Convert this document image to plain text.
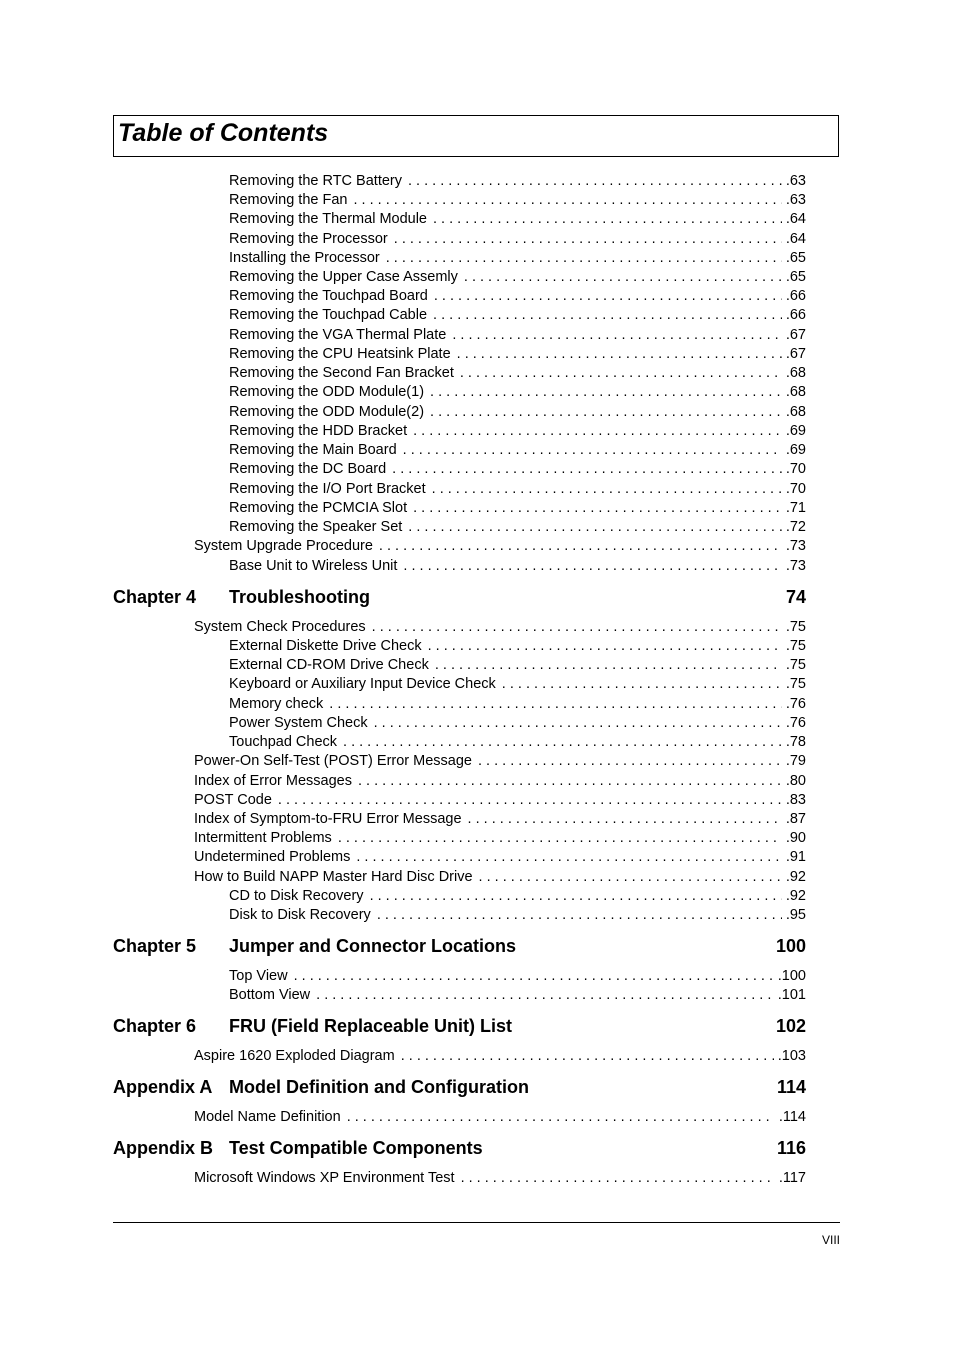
Table of Contents
Removing the RTC Battery . . .	.63
Removing the Fan . . .	.63
Removing the Thermal Module . . .	.64
Removing the Processor . . .	.64
Installing the Processor . . .	.65
Removing the Upper Case Assemly . . .	.65
Removing the Touchpad Board . . .	.66
Removing the Touchpad Cable . . .	.66
Removing the VGA Thermal Plate . . .	.67
Removing the CPU Heatsink Plate . . .	.67
Removing the Second Fan Bracket . . .	.68
Removing the ODD Module(1) . . .	.68
Removing the ODD Module(2) . . .	.68
Removing the HDD Bracket . . .	.69
Removing the Main Board . . .	.69
Removing the DC Board . . .	.70
Removing the I/O Port Bracket . . .	.70
Removing the PCMCIA Slot . . .	.71
Removing the Speaker Set . . .	.72
System Upgrade Procedure . . .	.73
Base Unit to Wireless Unit . . .	.73
Chapter 4 Troubleshooting	74
System Check Procedures . . .	.75
External Diskette Drive Check . . .	.75
External CD-ROM Drive Check . . .	.75
Keyboard or Auxiliary Input Device Check . . .	.75
Memory check . . .	.76
Power System Check . . .	.76
Touchpad Check . . .	.78
Power-On Self-Test (POST) Error Message . . .	.79
Index of Error Messages . . .	.80
POST Code . . .	.83
Index of Symptom-to-FRU Error Message . . .	.87
Intermittent Problems . . .	.90
Undetermined Problems . . .	.91
How to Build NAPP Master Hard Disc Drive . . .	.92
CD to Disk Recovery . . .	.92
Disk to Disk Recovery . . .	.95
Chapter 5 Jumper and Connector Locations	100
Top View . . .	.100
Bottom View . . .	.101
Chapter 6 FRU (Field Replaceable Unit) List	102
Aspire 1620 Exploded Diagram . . .	.103
Appendix A Model Definition and Configuration	114
Model Name Definition . . .	.114
Appendix B Test Compatible Components	116
Microsoft Windows XP Environment Test . . .	.117
VIII
